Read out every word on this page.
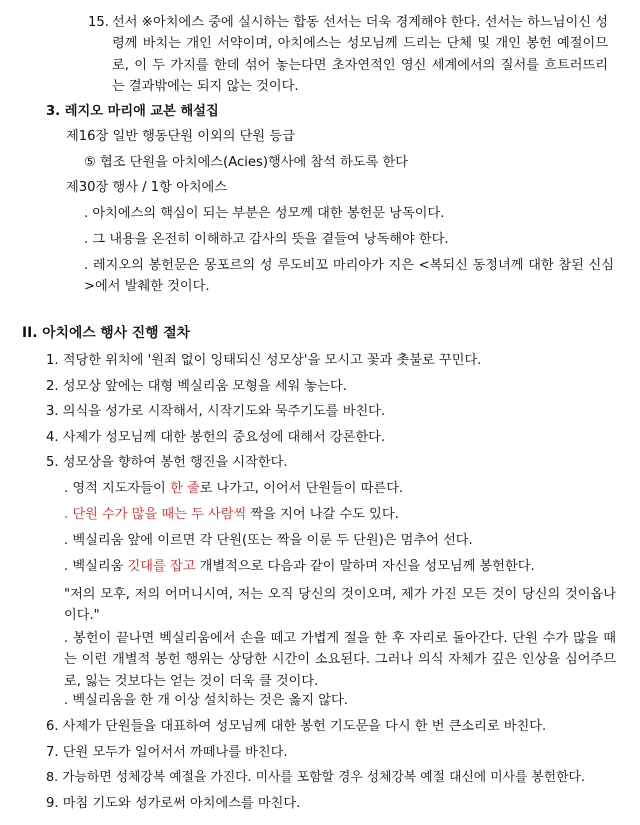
15. 선서 ※아치에스 중에 실시하는 합동 선서는 더욱 경계해야 한다. 선서는 하느님이신 성령께 바치는 개인 서약이며, 아치에스는 성모님께 드리는 단체 및 개인 봉헌 예절이므로, 이 두 가지를 한데 섞어 놓는다면 초자연적인 영신 세계에서의 질서를 흐트러뜨리는 결과밖에는 되지 않는 것이다.
3. 레지오 마리애 교본 해설집
제16장 일반 행동단원 이외의 단원 등급
⑤ 협조 단원을 아치에스(Acies)행사에 참석 하도록 한다
제30장 행사 / 1항 아치에스
. 아치에스의 핵심이 되는 부분은 성모께 대한 봉헌문 낭독이다.
. 그 내용을 온전히 이해하고 감사의 뜻을 곁들여 낭독해야 한다.
. 레지오의 봉헌문은 몽포르의 성 루도비꼬 마리아가 지은 <복되신 동정녀께 대한 참된 신심>에서 발췌한 것이다.
II. 아치에스 행사 진행 절차
1. 적당한 위치에 '원죄 없이 잉태되신 성모상'을 모시고 꽃과 촛불로 꾸민다.
2. 성모상 앞에는 대형 벡실리움 모형을 세워 놓는다.
3. 의식을 성가로 시작해서, 시작기도와 묵주기도를 바친다.
4. 사제가 성모님께 대한 봉헌의 중요성에 대해서 강론한다.
5. 성모상을 향하여 봉헌 행진을 시작한다.
. 영적 지도자들이 한 줄로 나가고, 이어서 단원들이 따른다.
. 단원 수가 많을 때는 두 사람씩 짝을 지어 나갈 수도 있다.
. 벡실리움 앞에 이르면 각 단원(또는 짝을 이룬 두 단원)은 멈추어 선다.
. 벡실리움 깃대를 잡고 개별적으로 다음과 같이 말하며 자신을 성모님께 봉헌한다.
"저의 모후, 저의 어머니시여, 저는 오직 당신의 것이오며, 제가 가진 모든 것이 당신의 것이옵나이다."
. 봉헌이 끝나면 벡실리움에서 손을 떼고 가볍게 절을 한 후 자리로 돌아간다. 단원 수가 많을 때는 이런 개별적 봉헌 행위는 상당한 시간이 소요된다. 그러나 의식 자체가 깊은 인상을 심어주므로, 잃는 것보다는 얻는 것이 더욱 클 것이다.
. 벡실리움을 한 개 이상 설치하는 것은 옳지 않다.
6. 사제가 단원들을 대표하여 성모님께 대한 봉헌 기도문을 다시 한 번 큰소리로 바친다.
7. 단원 모두가 일어서서 까떼나를 바친다.
8. 가능하면 성체강복 예절을 가진다. 미사를 포함할 경우 성체강복 예절 대신에 미사를 봉헌한다.
9. 마침 기도와 성가로써 아치에스를 마친다.
